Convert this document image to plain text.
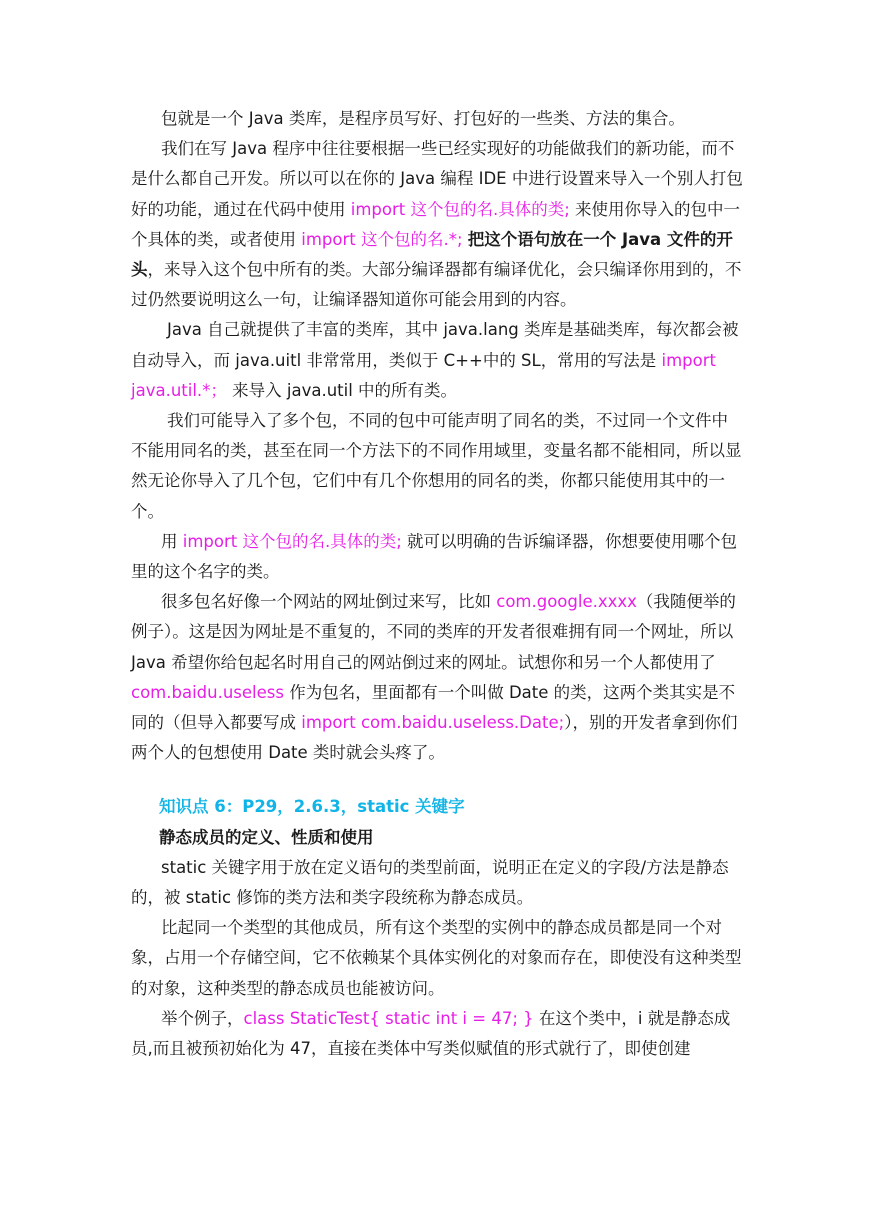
包就是一个 Java 类库，是程序员写好、打包好的一些类、方法的集合。

我们在写 Java 程序中往往要根据一些已经实现好的功能做我们的新功能，而不是什么都自己开发。所以可以在你的 Java 编程 IDE 中进行设置来导入一个别人打包好的功能，通过在代码中使用 import 这个包的名.具体的类; 来使用你导入的包中一个具体的类，或者使用 import 这个包的名.*; 把这个语句放在一个 Java 文件的开头，来导入这个包中所有的类。大部分编译器都有编译优化，会只编译你用到的，不过仍然要说明这么一句，让编译器知道你可能会用到的内容。

Java 自己就提供了丰富的类库，其中 java.lang 类库是基础类库，每次都会被自动导入，而 java.uitl 非常常用，类似于 C++中的 SL，常用的写法是 import java.util.*； 来导入 java.util 中的所有类。

我们可能导入了多个包，不同的包中可能声明了同名的类，不过同一个文件中不能用同名的类，甚至在同一个方法下的不同作用域里，变量名都不能相同，所以显然无论你导入了几个包，它们中有几个你想用的同名的类，你都只能使用其中的一个。

用 import 这个包的名.具体的类; 就可以明确的告诉编译器，你想要使用哪个包里的这个名字的类。

很多包名好像一个网站的网址倒过来写，比如 com.google.xxxx（我随便举的例子）。这是因为网址是不重复的，不同的类库的开发者很难拥有同一个网址，所以 Java 希望你给包起名时用自己的网站倒过来的网址。试想你和另一个人都使用了 com.baidu.useless 作为包名，里面都有一个叫做 Date 的类，这两个类其实是不同的（但导入都要写成 import com.baidu.useless.Date;），别的开发者拿到你们两个人的包想使用 Date 类时就会头疼了。

知识点 6：P29，2.6.3，static 关键字

静态成员的定义、性质和使用

static 关键字用于放在定义语句的类型前面，说明正在定义的字段/方法是静态的，被 static 修饰的类方法和类字段统称为静态成员。

比起同一个类型的其他成员，所有这个类型的实例中的静态成员都是同一个对象，占用一个存储空间，它不依赖某个具体实例化的对象而存在，即使没有这种类型的对象，这种类型的静态成员也能被访问。

举个例子，class StaticTest{ static int i = 47; } 在这个类中，i 就是静态成员,而且被预初始化为 47，直接在类体中写类似赋值的形式就行了，即使创建
